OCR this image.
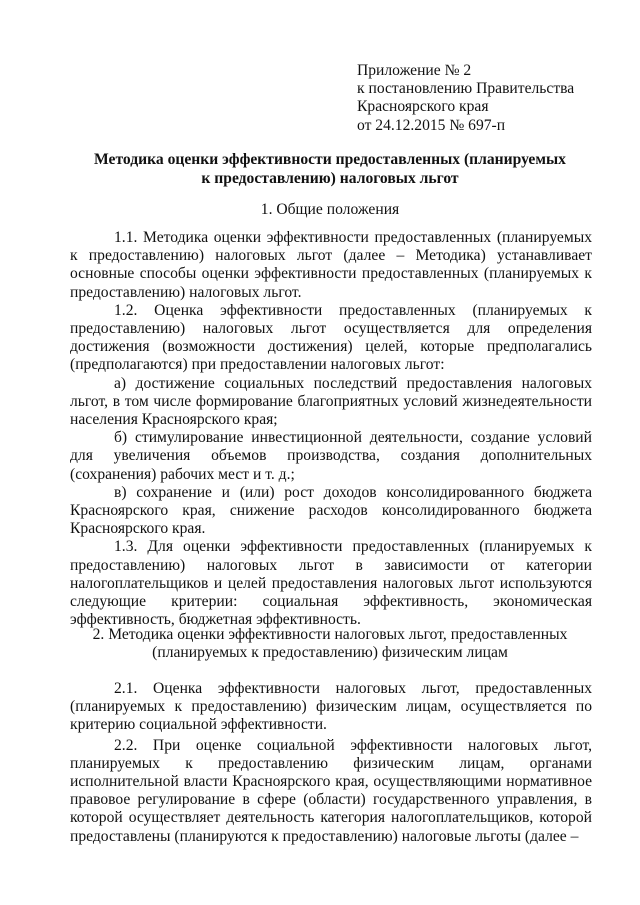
Приложение № 2
к постановлению Правительства
Красноярского края
от 24.12.2015 № 697-п
Методика оценки эффективности предоставленных (планируемых
к предоставлению) налоговых льгот
1. Общие положения

1.1. Методика оценки эффективности предоставленных (планируемых к предоставлению) налоговых льгот (далее – Методика) устанавливает основные способы оценки эффективности предоставленных (планируемых к предоставлению) налоговых льгот.

1.2. Оценка эффективности предоставленных (планируемых к предоставлению) налоговых льгот осуществляется для определения достижения (возможности достижения) целей, которые предполагались (предполагаются) при предоставлении налоговых льгот:

а) достижение социальных последствий предоставления налоговых льгот, в том числе формирование благоприятных условий жизнедеятельности населения Красноярского края;

б) стимулирование инвестиционной деятельности, создание условий для увеличения объемов производства, создания дополнительных (сохранения) рабочих мест и т. д.;

в) сохранение и (или) рост доходов консолидированного бюджета Красноярского края, снижение расходов консолидированного бюджета Красноярского края.

1.3. Для оценки эффективности предоставленных (планируемых к предоставлению) налоговых льгот в зависимости от категории налогоплательщиков и целей предоставления налоговых льгот используются следующие критерии: социальная эффективность, экономическая эффективность, бюджетная эффективность.

2. Методика оценки эффективности налоговых льгот, предоставленных
(планируемых к предоставлению) физическим лицам

2.1. Оценка эффективности налоговых льгот, предоставленных (планируемых к предоставлению) физическим лицам, осуществляется по критерию социальной эффективности.

2.2. При оценке социальной эффективности налоговых льгот, планируемых к предоставлению физическим лицам, органами исполнительной власти Красноярского края, осуществляющими нормативное правовое регулирование в сфере (области) государственного управления, в которой осуществляет деятельность категория налогоплательщиков, которой предоставлены (планируются к предоставлению) налоговые льготы (далее –
